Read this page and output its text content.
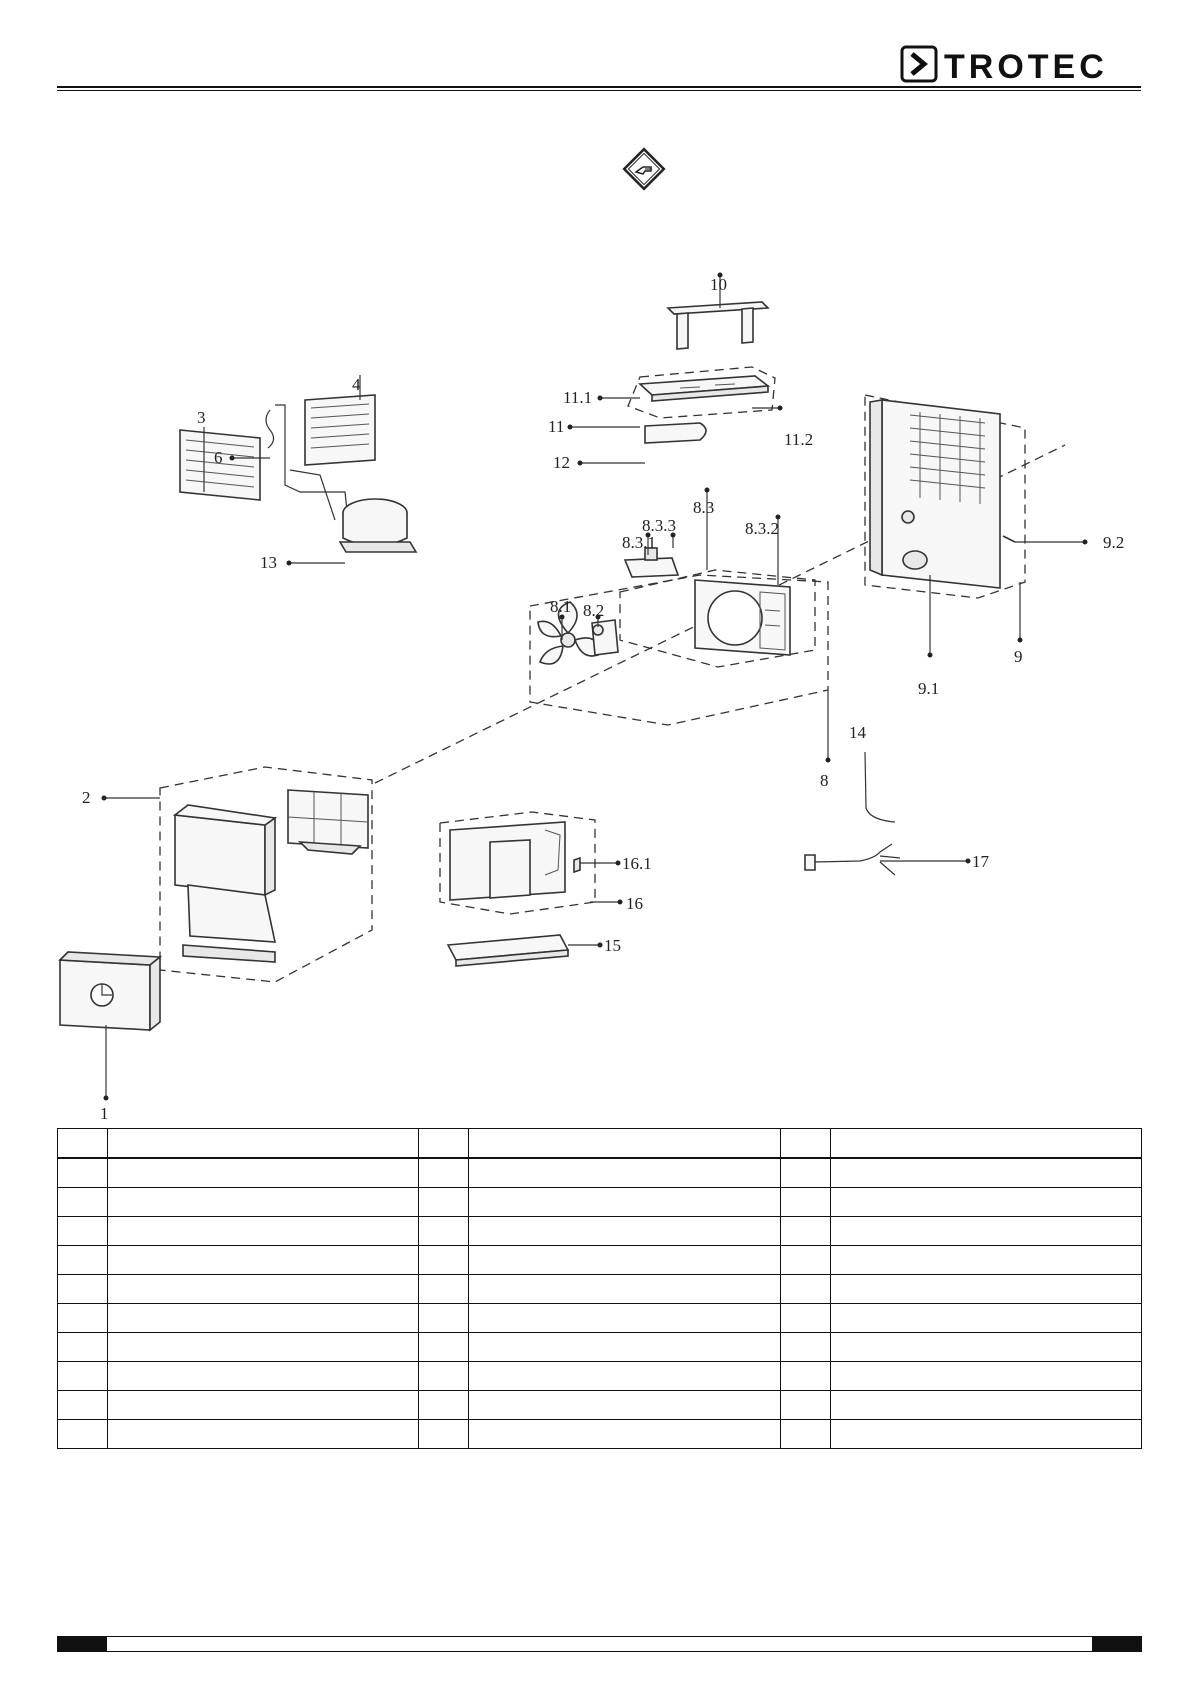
TROTEC
1
2
3
4
6
8
8.1 8.2
8.3
8.3.1
8.3.2
8.3.3
9
9.1
9.2
10
11
11.1
11.2
12
13
14
15
16
16.1	17
